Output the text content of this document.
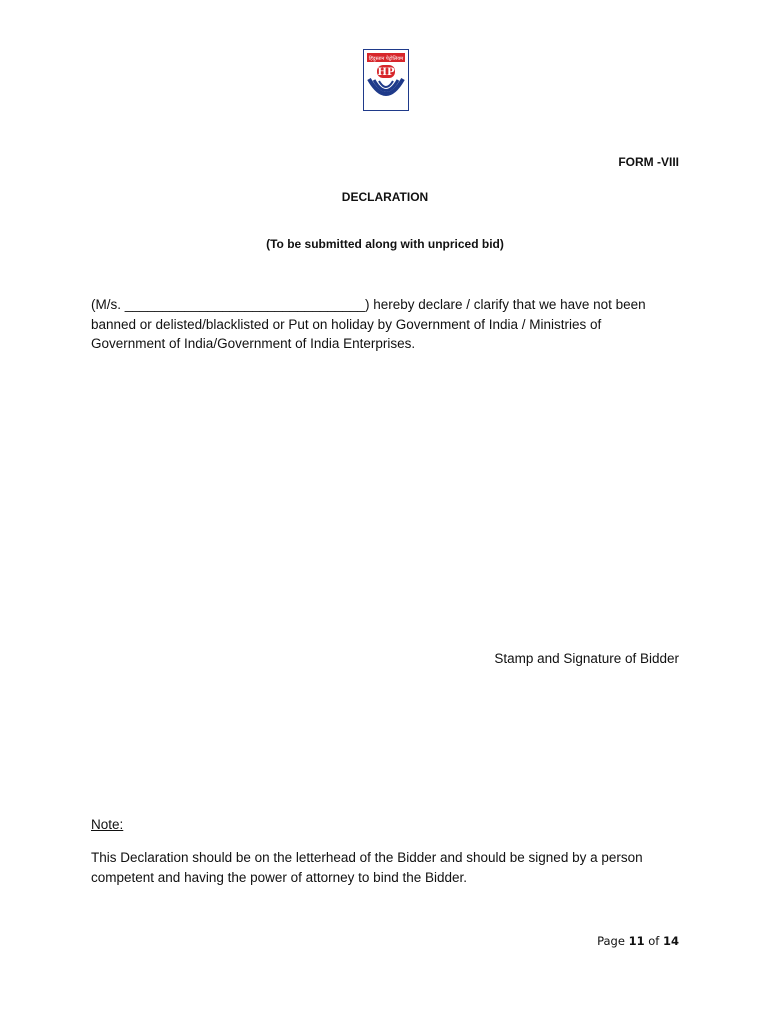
हिंदुस्तान पेट्रोलियम
HP
FORM -VIII
DECLARATION
(To be submitted along with unpriced bid)
(M/s. ________________________________) hereby declare / clarify that we have not been
banned or delisted/blacklisted or Put on holiday by Government of India / Ministries of
Government of India/Government of India Enterprises.
Stamp and Signature of Bidder
Note:
This Declaration should be on the letterhead of the Bidder and should be signed by a person
competent and having the power of attorney to bind the Bidder.
Page 11 of 14
